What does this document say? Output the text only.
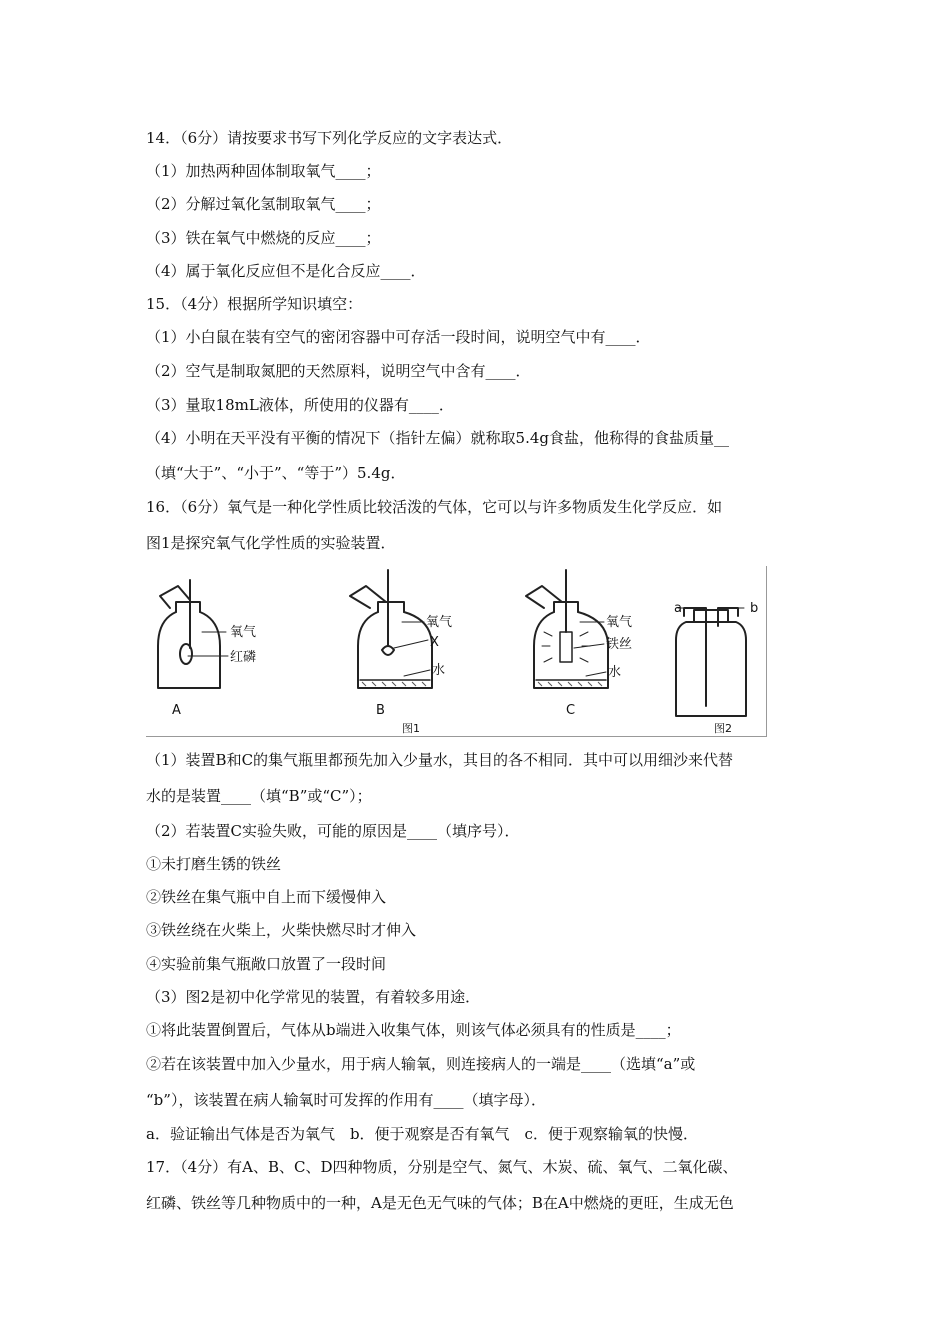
14．（6分）请按要求书写下列化学反应的文字表达式．
（1）加热两种固体制取氧气____；
（2）分解过氧化氢制取氧气____；
（3）铁在氧气中燃烧的反应____；
（4）属于氧化反应但不是化合反应____．
15．（4分）根据所学知识填空：
（1）小白鼠在装有空气的密闭容器中可存活一段时间，说明空气中有____．
（2）空气是制取氮肥的天然原料，说明空气中含有____．
（3）量取18mL液体，所使用的仪器有____．
（4）小明在天平没有平衡的情况下（指针左偏）就称取5.4g食盐，他称得的食盐质量__
（填“大于”、“小于”、“等于”）5.4g．
16．（6分）氧气是一种化学性质比较活泼的气体，它可以与许多物质发生化学反应．如
图1是探究氧气化学性质的实验装置．
氧气
红磷
氧气
X
水
氧气
铁丝
水
a	b
A	B	C
图1	图2
（1）装置B和C的集气瓶里都预先加入少量水，其目的各不相同．其中可以用细沙来代替
水的是装置____（填“B”或“C”）；
（2）若装置C实验失败，可能的原因是____（填序号）．
①未打磨生锈的铁丝
②铁丝在集气瓶中自上而下缓慢伸入
③铁丝绕在火柴上，火柴快燃尽时才伸入
④实验前集气瓶敞口放置了一段时间
（3）图2是初中化学常见的装置，有着较多用途．
①将此装置倒置后，气体从b端进入收集气体，则该气体必须具有的性质是____；
②若在该装置中加入少量水，用于病人输氧，则连接病人的一端是____（选填“a”或
“b”），该装置在病人输氧时可发挥的作用有____（填字母）．
a．验证输出气体是否为氧气　b．便于观察是否有氧气　c．便于观察输氧的快慢．
17．（4分）有A、B、C、D四种物质，分别是空气、氮气、木炭、硫、氧气、二氧化碳、
红磷、铁丝等几种物质中的一种，A是无色无气味的气体；B在A中燃烧的更旺，生成无色
